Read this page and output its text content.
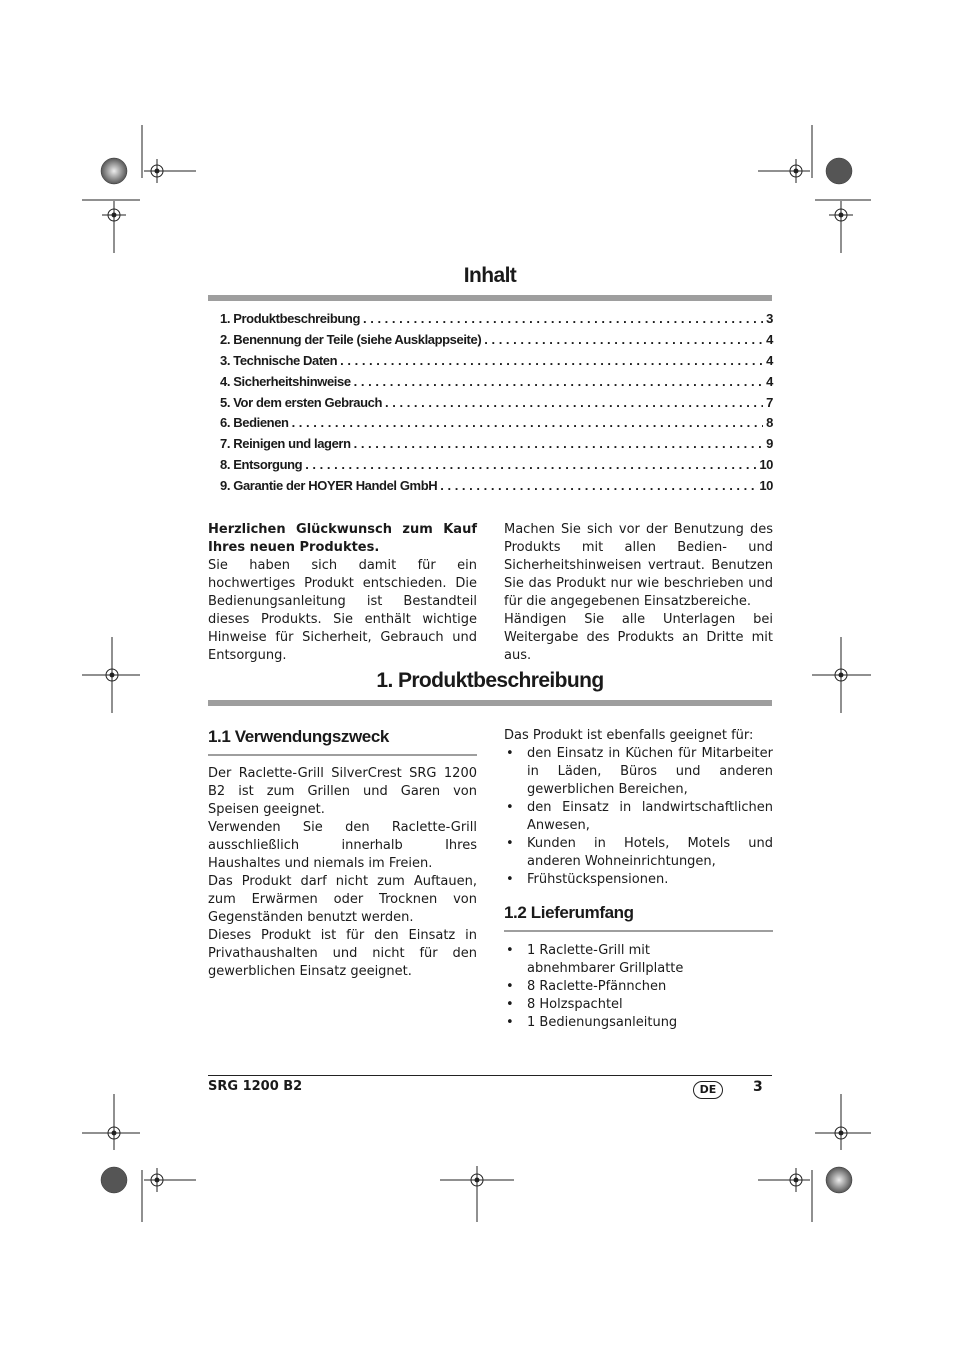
Inhalt
1. Produktbeschreibung . . .	3
2. Benennung der Teile (siehe Ausklappseite) . . .	4
3. Technische Daten . . .	4
4. Sicherheitshinweise . . .	4
5. Vor dem ersten Gebrauch . . .	7
6. Bedienen . . .	8
7. Reinigen und lagern . . .	9
8. Entsorgung . . .	10
9. Garantie der HOYER Handel GmbH . . .	10

Herzlichen Glückwunsch zum Kauf Ihres neuen Produktes.

Sie haben sich damit für ein hochwertiges Produkt entschieden. Die Bedienungsanleitung ist Bestandteil dieses Produkts. Sie enthält wichtige Hinweise für Sicherheit, Gebrauch und Entsorgung.

Machen Sie sich vor der Benutzung des Produkts mit allen Bedien- und Sicherheitshinweisen vertraut. Benutzen Sie das Produkt nur wie beschrieben und für die angegebenen Einsatzbereiche.

Händigen Sie alle Unterlagen bei Weitergabe des Produkts an Dritte mit aus.

1. Produktbeschreibung
1.1 Verwendungszweck

Der Raclette-Grill SilverCrest SRG 1200 B2 ist zum Grillen und Garen von Speisen geeignet.

Verwenden Sie den Raclette-Grill ausschließlich innerhalb Ihres Haushaltes und niemals im Freien.

Das Produkt darf nicht zum Auftauen, zum Erwärmen oder Trocknen von Gegenständen benutzt werden.

Dieses Produkt ist für den Einsatz in Privathaushalten und nicht für den gewerblichen Einsatz geeignet.

Das Produkt ist ebenfalls geeignet für:

• den Einsatz in Küchen für Mitarbeiter in Läden, Büros und anderen gewerblichen Bereichen,
• den Einsatz in landwirtschaftlichen Anwesen,
• Kunden in Hotels, Motels und anderen Wohneinrichtungen,
• Frühstückspensionen.
1.2 Lieferumfang
• 1 Raclette-Grill mit abnehmbarer Grillplatte
• 8 Raclette-Pfännchen
• 8 Holzspachtel
• 1 Bedienungsanleitung
SRG 1200 B2	DE	3
